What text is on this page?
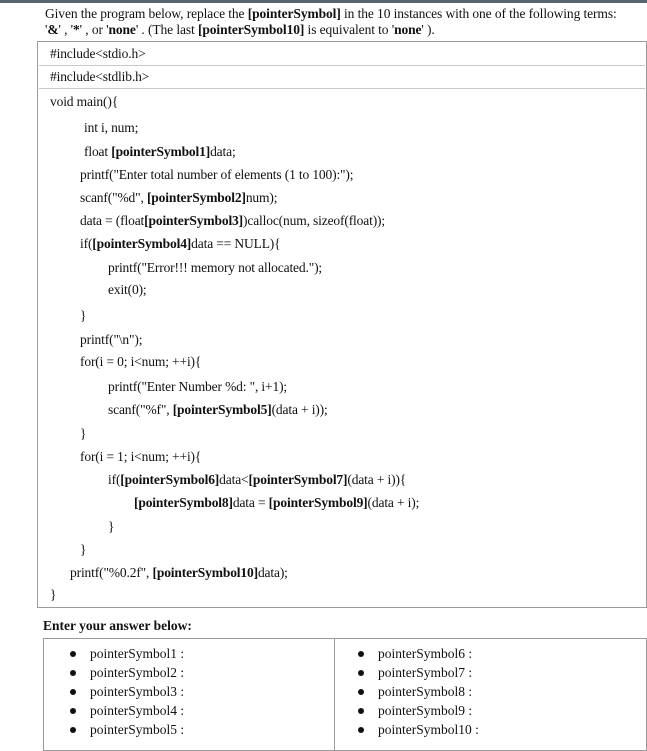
Given the program below, replace the [pointerSymbol] in the 10 instances with one of the following terms: '&' , '*' , or 'none' . (The last [pointerSymbol10] is equivalent to 'none' ).
#include<stdio.h>
#include<stdlib.h>
void main(){
int i, num;
float [pointerSymbol1]data;
printf("Enter total number of elements (1 to 100):");
scanf("%d", [pointerSymbol2]num);
data = (float[pointerSymbol3])calloc(num, sizeof(float));
if([pointerSymbol4]data == NULL){
printf("Error!!! memory not allocated.");
exit(0);
}
printf("\n");
for(i = 0; i<num; ++i){
printf("Enter Number %d: ", i+1);
scanf("%f", [pointerSymbol5](data + i));
}
for(i = 1; i<num; ++i){
if([pointerSymbol6]data<[pointerSymbol7](data + i)){
[pointerSymbol8]data = [pointerSymbol9](data + i);
}
}
printf("%0.2f", [pointerSymbol10]data);
}
Enter your answer below:
pointerSymbol1 :
pointerSymbol2 :
pointerSymbol3 :
pointerSymbol4 :
pointerSymbol5 :
pointerSymbol6 :
pointerSymbol7 :
pointerSymbol8 :
pointerSymbol9 :
pointerSymbol10 :
